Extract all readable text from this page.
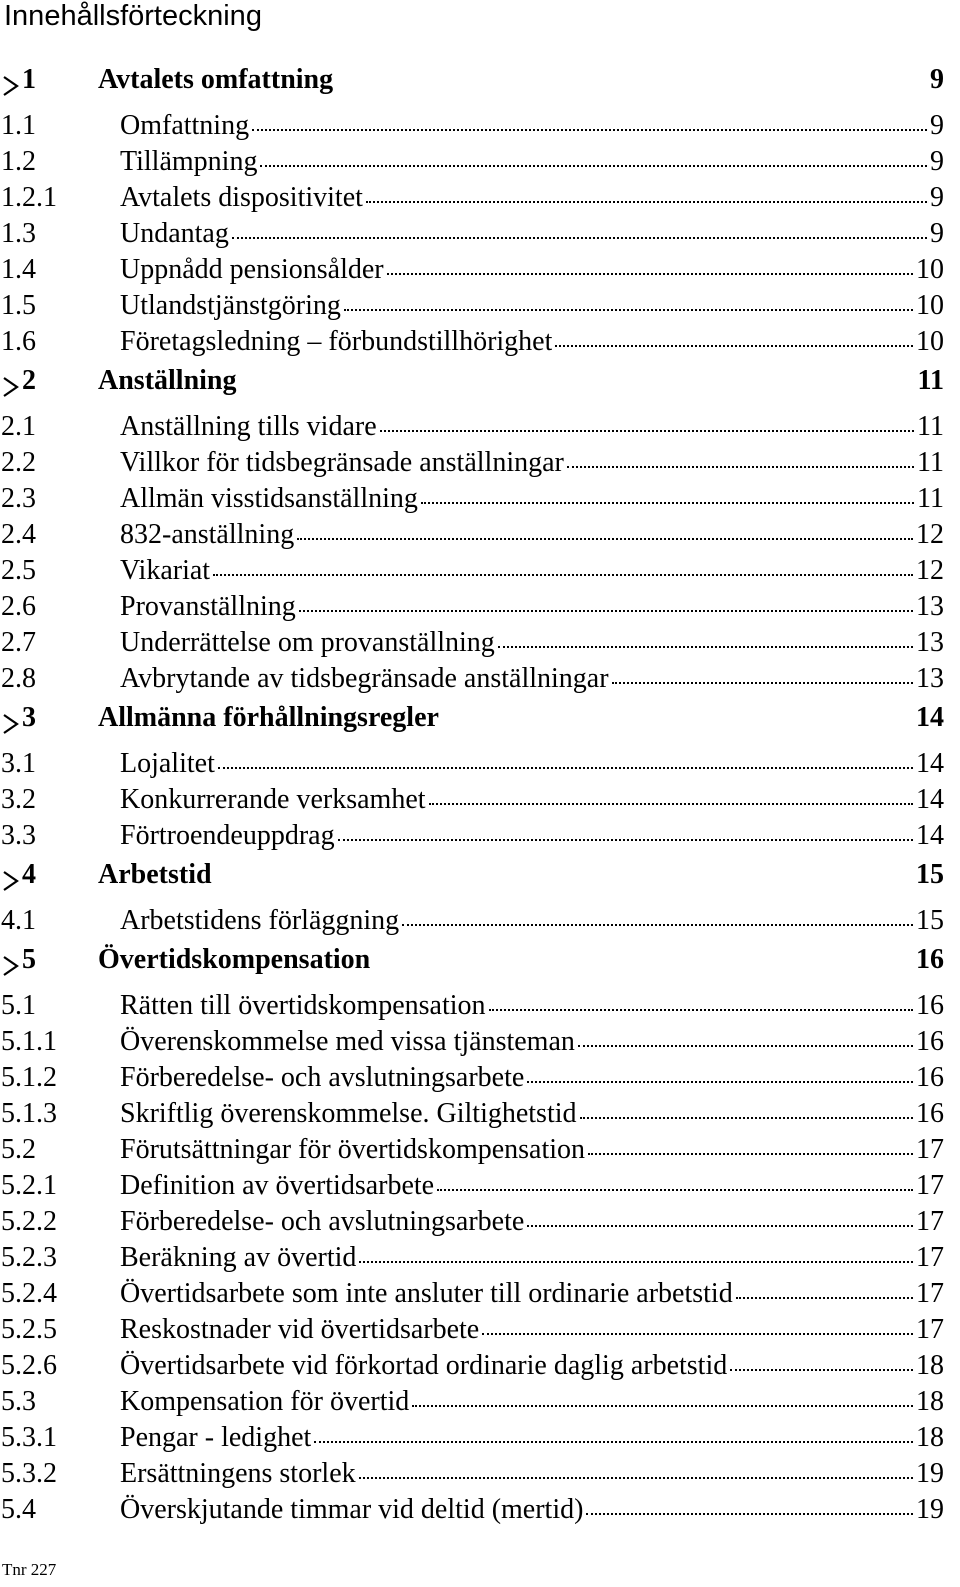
Innehållsförteckning
1	Avtalets omfattning	9
1.1	Omfattning	9
1.2	Tillämpning	9
1.2.1	Avtalets dispositivitet	9
1.3	Undantag	9
1.4	Uppnådd pensionsålder	10
1.5	Utlandstjänstgöring	10
1.6	Företagsledning – förbundstillhörighet	10
2	Anställning	11
2.1	Anställning tills vidare	11
2.2	Villkor för tidsbegränsade anställningar	11
2.3	Allmän visstidsanställning	11
2.4	832-anställning	12
2.5	Vikariat	12
2.6	Provanställning	13
2.7	Underrättelse om provanställning	13
2.8	Avbrytande av tidsbegränsade anställningar	13
3	Allmänna förhållningsregler	14
3.1	Lojalitet	14
3.2	Konkurrerande verksamhet	14
3.3	Förtroendeuppdrag	14
4	Arbetstid	15
4.1	Arbetstidens förläggning	15
5	Övertidskompensation	16
5.1	Rätten till övertidskompensation	16
5.1.1	Överenskommelse med vissa tjänsteman	16
5.1.2	Förberedelse- och avslutningsarbete	16
5.1.3	Skriftlig överenskommelse. Giltighetstid	16
5.2	Förutsättningar för övertidskompensation	17
5.2.1	Definition av övertidsarbete	17
5.2.2	Förberedelse- och avslutningsarbete	17
5.2.3	Beräkning av övertid	17
5.2.4	Övertidsarbete som inte ansluter till ordinarie arbetstid	17
5.2.5	Reskostnader vid övertidsarbete	17
5.2.6	Övertidsarbete vid förkortad ordinarie daglig arbetstid	18
5.3	Kompensation för övertid	18
5.3.1	Pengar - ledighet	18
5.3.2	Ersättningens storlek	19
5.4	Överskjutande timmar vid deltid (mertid)	19
Tnr 227
